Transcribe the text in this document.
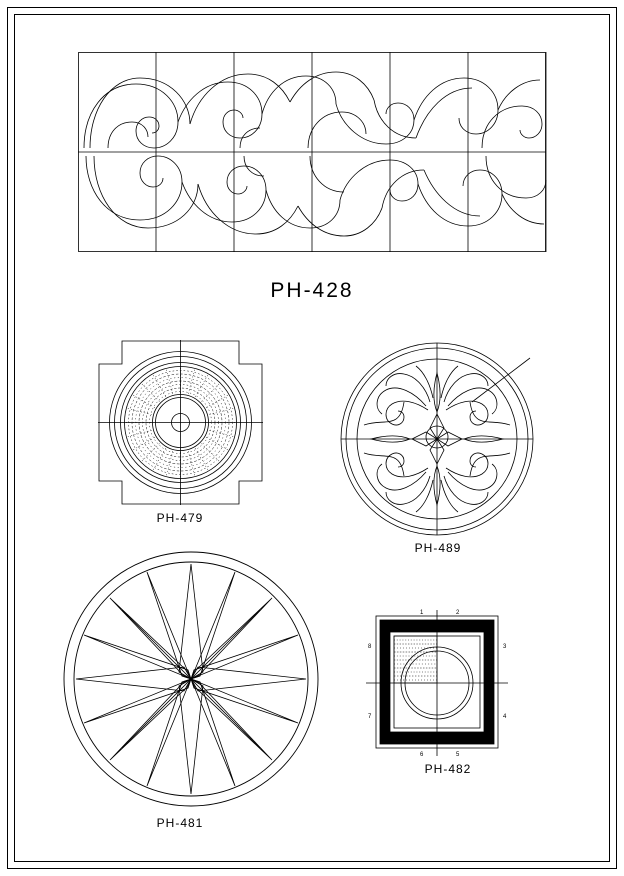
PH-428
PH-479
PH-489
PH-481
1	2
3
4
5
6
7
8
PH-482
